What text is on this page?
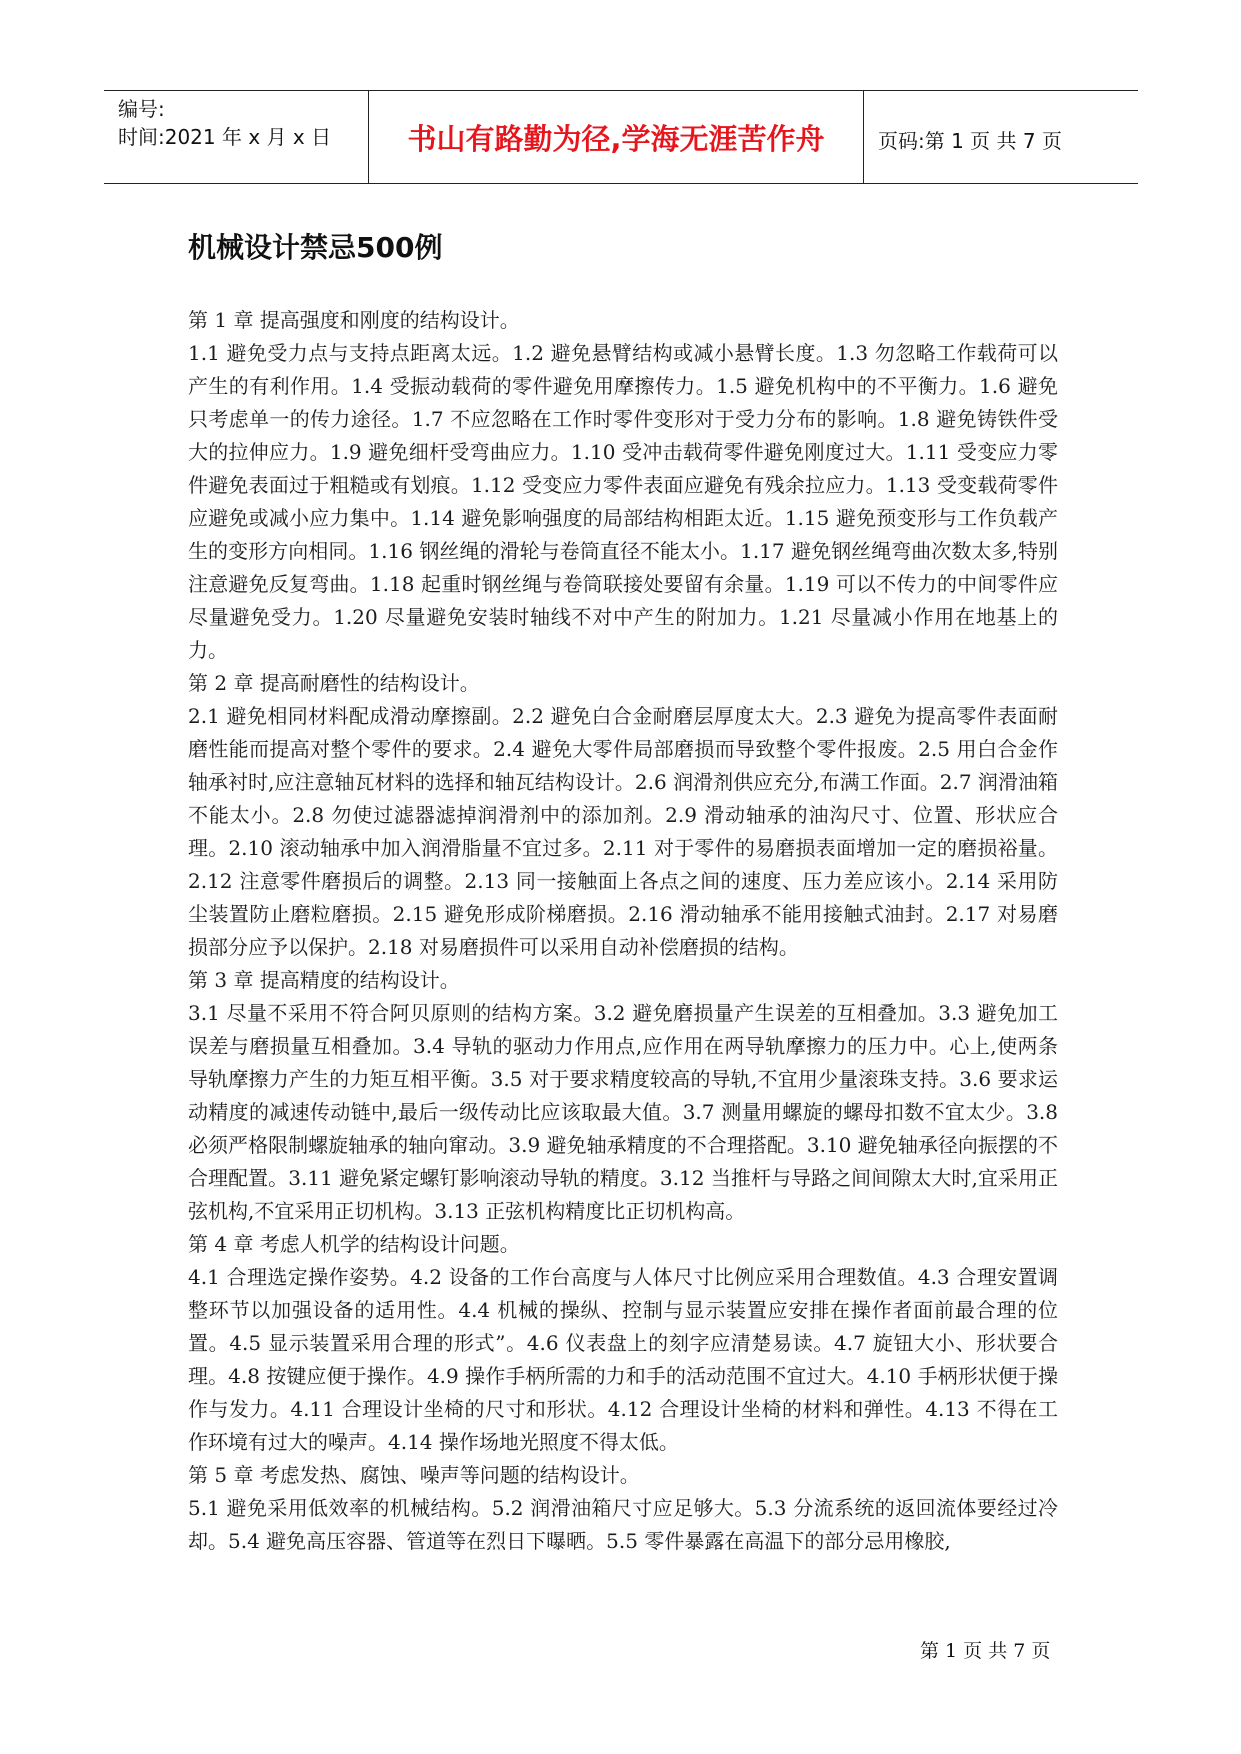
编号:
时间:2021 年 x 月 x 日	书山有路勤为径,学海无涯苦作舟	页码:第 1 页 共 7 页
机械设计禁忌500例

第 1 章 提高强度和刚度的结构设计。

1.1 避免受力点与支持点距离太远。1.2 避免悬臂结构或减小悬臂长度。1.3 勿忽略工作载荷可以产生的有利作用。1.4 受振动载荷的零件避免用摩擦传力。1.5 避免机构中的不平衡力。1.6 避免只考虑单一的传力途径。1.7 不应忽略在工作时零件变形对于受力分布的影响。1.8 避免铸铁件受大的拉伸应力。1.9 避免细杆受弯曲应力。1.10 受冲击载荷零件避免刚度过大。1.11 受变应力零件避免表面过于粗糙或有划痕。1.12 受变应力零件表面应避免有残余拉应力。1.13 受变载荷零件应避免或减小应力集中。1.14 避免影响强度的局部结构相距太近。1.15 避免预变形与工作负载产生的变形方向相同。1.16 钢丝绳的滑轮与卷筒直径不能太小。1.17 避免钢丝绳弯曲次数太多,特别注意避免反复弯曲。1.18 起重时钢丝绳与卷筒联接处要留有余量。1.19 可以不传力的中间零件应尽量避免受力。1.20 尽量避免安装时轴线不对中产生的附加力。1.21 尽量减小作用在地基上的力。

第 2 章 提高耐磨性的结构设计。

2.1 避免相同材料配成滑动摩擦副。2.2 避免白合金耐磨层厚度太大。2.3 避免为提高零件表面耐磨性能而提高对整个零件的要求。2.4 避免大零件局部磨损而导致整个零件报废。2.5 用白合金作轴承衬时,应注意轴瓦材料的选择和轴瓦结构设计。2.6 润滑剂供应充分,布满工作面。2.7 润滑油箱不能太小。2.8 勿使过滤器滤掉润滑剂中的添加剂。2.9 滑动轴承的油沟尺寸、位置、形状应合理。2.10 滚动轴承中加入润滑脂量不宜过多。2.11 对于零件的易磨损表面增加一定的磨损裕量。2.12 注意零件磨损后的调整。2.13 同一接触面上各点之间的速度、压力差应该小。2.14 采用防尘装置防止磨粒磨损。2.15 避免形成阶梯磨损。2.16 滑动轴承不能用接触式油封。2.17 对易磨损部分应予以保护。2.18 对易磨损件可以采用自动补偿磨损的结构。

第 3 章 提高精度的结构设计。

3.1 尽量不采用不符合阿贝原则的结构方案。3.2 避免磨损量产生误差的互相叠加。3.3 避免加工误差与磨损量互相叠加。3.4 导轨的驱动力作用点,应作用在两导轨摩擦力的压力中。心上,使两条导轨摩擦力产生的力矩互相平衡。3.5 对于要求精度较高的导轨,不宜用少量滚珠支持。3.6 要求运动精度的减速传动链中,最后一级传动比应该取最大值。3.7 测量用螺旋的螺母扣数不宜太少。3.8 必须严格限制螺旋轴承的轴向窜动。3.9 避免轴承精度的不合理搭配。3.10 避免轴承径向振摆的不合理配置。3.11 避免紧定螺钉影响滚动导轨的精度。3.12 当推杆与导路之间间隙太大时,宜采用正弦机构,不宜采用正切机构。3.13 正弦机构精度比正切机构高。

第 4 章 考虑人机学的结构设计问题。

4.1 合理选定操作姿势。4.2 设备的工作台高度与人体尺寸比例应采用合理数值。4.3 合理安置调整环节以加强设备的适用性。4.4 机械的操纵、控制与显示装置应安排在操作者面前最合理的位置。4.5 显示装置采用合理的形式”。4.6 仪表盘上的刻字应清楚易读。4.7 旋钮大小、形状要合理。4.8 按键应便于操作。4.9 操作手柄所需的力和手的活动范围不宜过大。4.10 手柄形状便于操作与发力。4.11 合理设计坐椅的尺寸和形状。4.12 合理设计坐椅的材料和弹性。4.13 不得在工作环境有过大的噪声。4.14 操作场地光照度不得太低。

第 5 章 考虑发热、腐蚀、噪声等问题的结构设计。

5.1 避免采用低效率的机械结构。5.2 润滑油箱尺寸应足够大。5.3 分流系统的返回流体要经过冷却。5.4 避免高压容器、管道等在烈日下曝晒。5.5 零件暴露在高温下的部分忌用橡胶,

第 1 页 共 7 页
